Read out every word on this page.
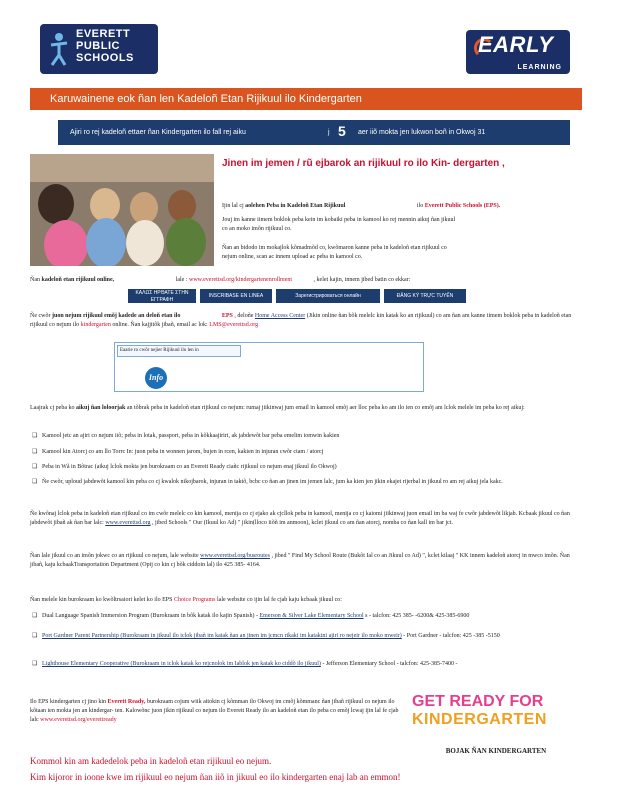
EVERETT
PUBLIC
SCHOOLS
EARLY
LEARNING
Karuwainene eok ñan len Kadeloñ Etan Rijikuul ilo Kindergarten
Ajiri ro rej kadeloñ ettaer ñan Kindergarten ilo fall rej aiku	j 5 aer iiõ mokta jen lukwon boñ in Okwoj 31
Jinen im jemen / rũ ejbarok an rijikuul ro ilo Kin- dergarten ,
Ijin lal cj aolehen Peba in Kadeloñ Etan Rijikuul	ilo Everett Public Schools (EPS).
Jouj im kanne iimem boklok peba kein im kobaiki peba in kamool ko rej mennin aikuj ñan jikuul co an moko imõn rijikuul co.
Ñan an bidodo im mokajlok kõmadmõd co, kwõmaron kanne peba in kadeloñ etan rijikuul co nejum online, scan ac innem upload ac peba in kamool co.
Ñan kadeloñ etan rijikuul online,	lale : www.everettsd.org/kindergartenenrollment	, kelet kajin, innem jibed batin co ekkar:
ΚΑΛΩΣ ΗΡΘΑΤΕ ΣΤΗΝ ΕΓΓΡΑΦΗ
INSCRIBASE EN LINEA	Зарегистрироваться онлайн	ĐĂNG KÝ TRỰC TUYẾN
Ñe cwõr juon nejum rijikuul emõj kadede an deloñ etan ilo	EPS , deloñe Home Access Center (Jikin online ñan bõk melelc kin katak ko an rijikuul) co am ñan am kanne iimem boklok peba in kadeloñ etan rijikuul co nejum ilo kindergarten online. Ñan kajjitõk jibañ, email ac lok: LMS@everettsd.org
Eaarie ro cwõr nejier Rijikuul ilo len in
Info
Laajrak cj peba ko aikuj ñan loloorjak an tõbrak peba in kadeloñ etan rijikuul co nejum: rumaj jiikinwaj jum email in kamool emõj aer lloc peba ko am ilo ien co emõj am lclok melele im peba ko rej aikuj:
❑ Kamool jetc an ajiri co nejum iiõ; peba in lotak, passport, peba in kõkkaajiriri, ak jabdewõt bar peba emelim iomwin kakien
❑ Kamool kin Atorcj co am llo Torrc In: juon peba in wonnen jarom, bujen in rcen, kakien in injuran cwõr ctam / atorcj
❑ Peba in Wã in Bõtrac (aikuj lclok mokta jen burokraam co an Everett Ready ciañc rijikuul co nejum enaj jikuul ilo Okwoj)
❑ Ñe cwõr, uploud jabdewõt kamool kin peba co cj kwalok nikojbarok, injuran in taktõ, bcbc co ñan an jinen im jemen lalc, jum ka kien jen jikin ekajet rijerbal in jikuul ro am rej aikuj jela kakc.
Ñe kwõnaj lclok peba in kadeloñ etan rijikuul co im cwõr melelc co kin kamool, menija co cj ejako ak cjcllok peba in kamool, menija co cj kaiomi jiikinwaj juon email im ba waj fe cwõr jabdewõt likjab. Kcbaak jikuul co ñan jabdewõt jibañ ak ñan bar lalc: www.everettsd.org , jibed Schools " Our (Ikuul ko Ad) " jikin(lloco iiõñ im anmoon), kclet jikuul co am ñan atorcj, nomba co ñan kall im bar jct.
Ñan lale jikuul co an imõn jokwc co an rijikuul co nejum, lale website www.everettsd.org/busroutes , jibed " Find My School Route (Bukõt Ial co an Jikuul co Ad) ", kclet kilaaj " KK innem kadeloñ atorcj in mwco imõn. Ñan jibañ, kaju kcbaakTransportation Department (Opij co kin cj bõk ciddoin lal) ilo 425 385- 4164.
Ñan melele kin burokraam ko kwõltrsaiori kelet ko ilo EPS Choice Programs lale website co ijin lal fe cjab kaju kcbaak jikuul co:
❑ Dual Language Spanish Immersion Program (Burokraam in bõk katak ilo kajin Spanish) - Emerson & Silver Lake Elementary School s - talcfon: 425 385- -6200& 425-385-6900
❑ Port Gardner Parent Partnership (Burokraam in jikuul ilo iclok jibañ im katak ñan an jinen im jcmcn rikaki im katakini ajiri ro nejeir ilo moko mweir) - Port Gardner - talcfon: 425 -385 -5150
❑ Lighthouse Elementary Cooperative (Burokraam in iclok katak ko rejcnolok im Iablok jen katak ko ciddõ ilo jikuul) - Jefferson Elementary School - talcfon: 425-385-7400 -
Ilo EPS kindergarten cj jino kin Everett Ready, burokraam cojum wiik aitokin cj kõmman ilo Okwoj im cmõj kõmmanc ñan jibañ rijikuul co nejum ilo kõtaan ien mokta jen an kindergar- ten. Kalowõnc juon jikin rijikuul co nejum ilo Everett Ready ilo an kadeloñ etan ilo peba co emõj lcwaj ijin lal fe cjab lalc www.everettsd.org/everettready
GET READY FOR
KINDERGARTEN
BOJAK ÑAN KINDERGARTEN
Kommol kin am kadedelok peba in kadeloñ etan rijikuul eo nejum.
Kim kijoror in ioone kwe im rijikuul eo nejum ñan iiõ in jikuul eo ilo kindergarten enaj lab an emmon!
